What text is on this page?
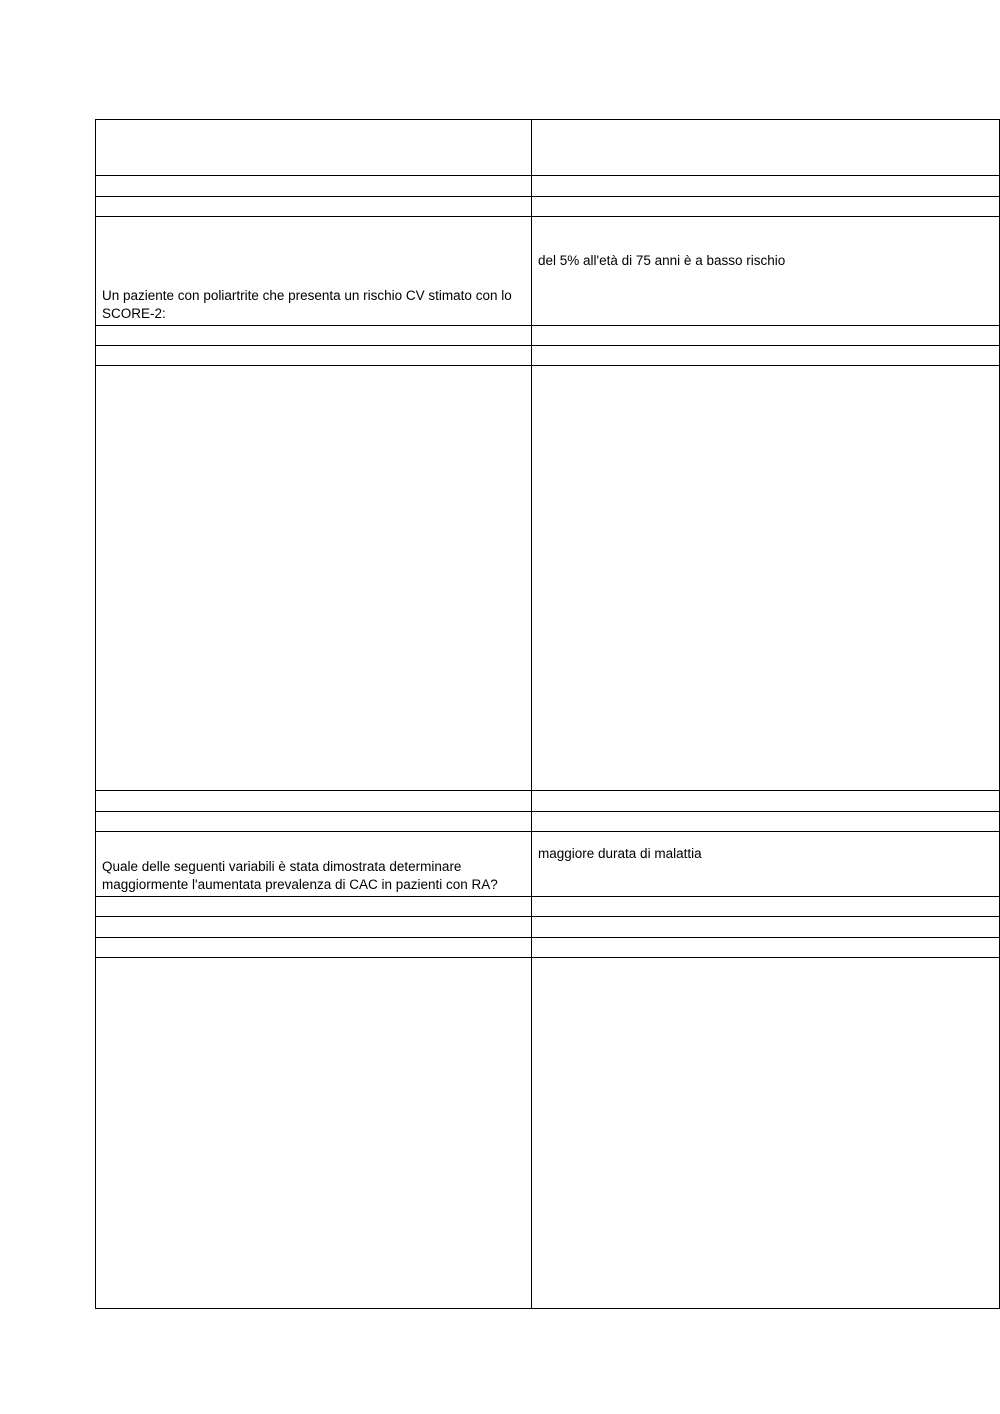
Un paziente con poliartrite che presenta un rischio CV stimato con lo SCORE-2:	del 5% all'età di 75 anni è a basso rischio

Quale delle seguenti variabili è stata dimostrata determinare maggiormente l'aumentata prevalenza di CAC in pazienti con RA?	maggiore durata di malattia
